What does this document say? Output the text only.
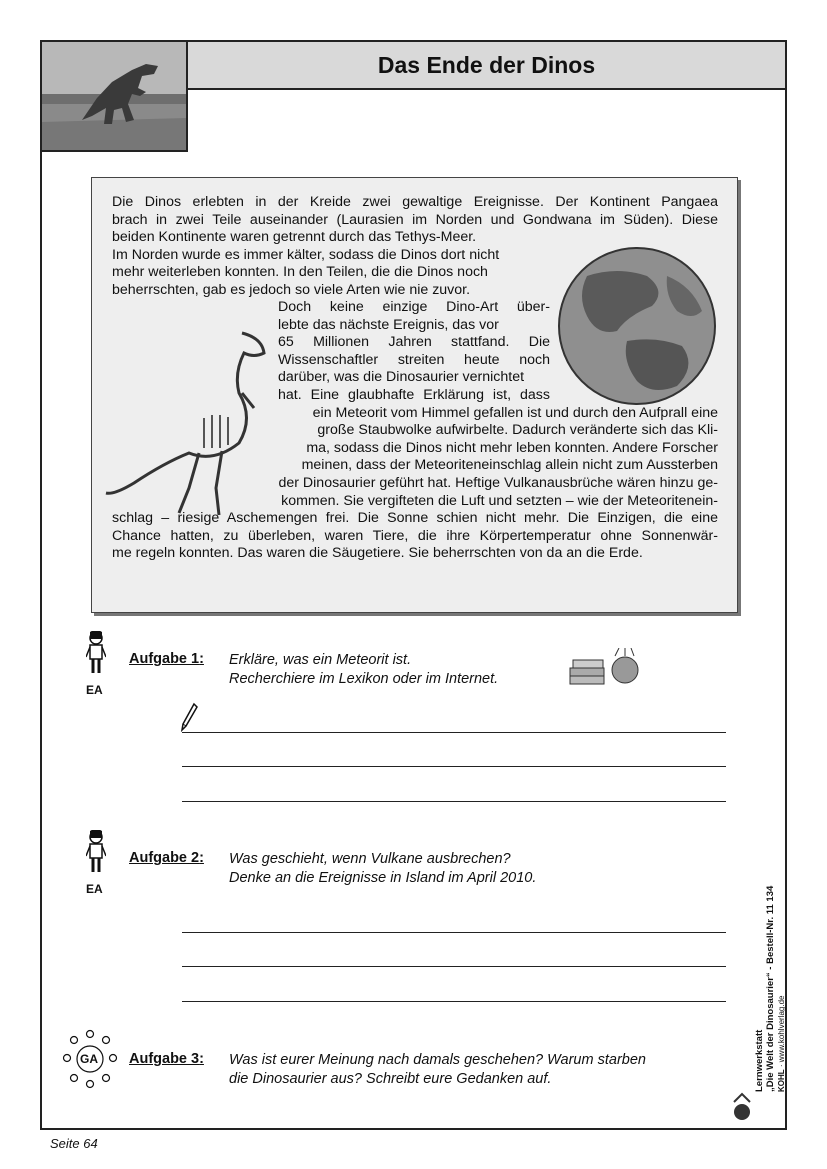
Das Ende der Dinos
Die Dinos erlebten in der Kreide zwei gewaltige Ereignisse. Der Kontinent Pangaea
brach in zwei Teile auseinander (Laurasien im Norden und Gondwana im Süden). Diese
beiden Kontinente waren getrennt durch das Tethys-Meer.
Im Norden wurde es immer kälter, sodass die Dinos dort nicht
mehr weiterleben konnten. In den Teilen, die die Dinos noch
beherrschten, gab es jedoch so viele Arten wie nie zuvor.
Doch keine einzige Dino-Art über-
lebte das nächste Ereignis, das vor
65 Millionen Jahren stattfand. Die
Wissenschaftler streiten heute noch
darüber, was die Dinosaurier vernichtet
hat. Eine glaubhafte Erklärung ist, dass
ein Meteorit vom Himmel gefallen ist und durch den Aufprall eine
große Staubwolke aufwirbelte. Dadurch veränderte sich das Kli-
ma, sodass die Dinos nicht mehr leben konnten. Andere Forscher
meinen, dass der Meteoriteneinschlag allein nicht zum Aussterben
der Dinosaurier geführt hat. Heftige Vulkanausbrüche wären hinzu ge-
kommen. Sie vergifteten die Luft und setzten – wie der Meteoritenein-
schlag – riesige Aschemengen frei. Die Sonne schien nicht mehr. Die Einzigen, die eine
Chance hatten, zu überleben, waren Tiere, die ihre Körpertemperatur ohne Sonnenwär-
me regeln konnten. Das waren die Säugetiere. Sie beherrschten von da an die Erde.
Aufgabe 1: Erkläre, was ein Meteorit ist.
Recherchiere im Lexikon oder im Internet.
EA
Aufgabe 2: Was geschieht, wenn Vulkane ausbrechen?
Denke an die Ereignisse in Island im April 2010.
EA
Aufgabe 3: Was ist eurer Meinung nach damals geschehen? Warum starben
die Dinosaurier aus? Schreibt eure Gedanken auf.
GA	Lernwerkstatt „Die Welt der Dinosaurier“ - Bestell-Nr. 11 134 KOHL · www.kohlverlag.de
Seite 64
